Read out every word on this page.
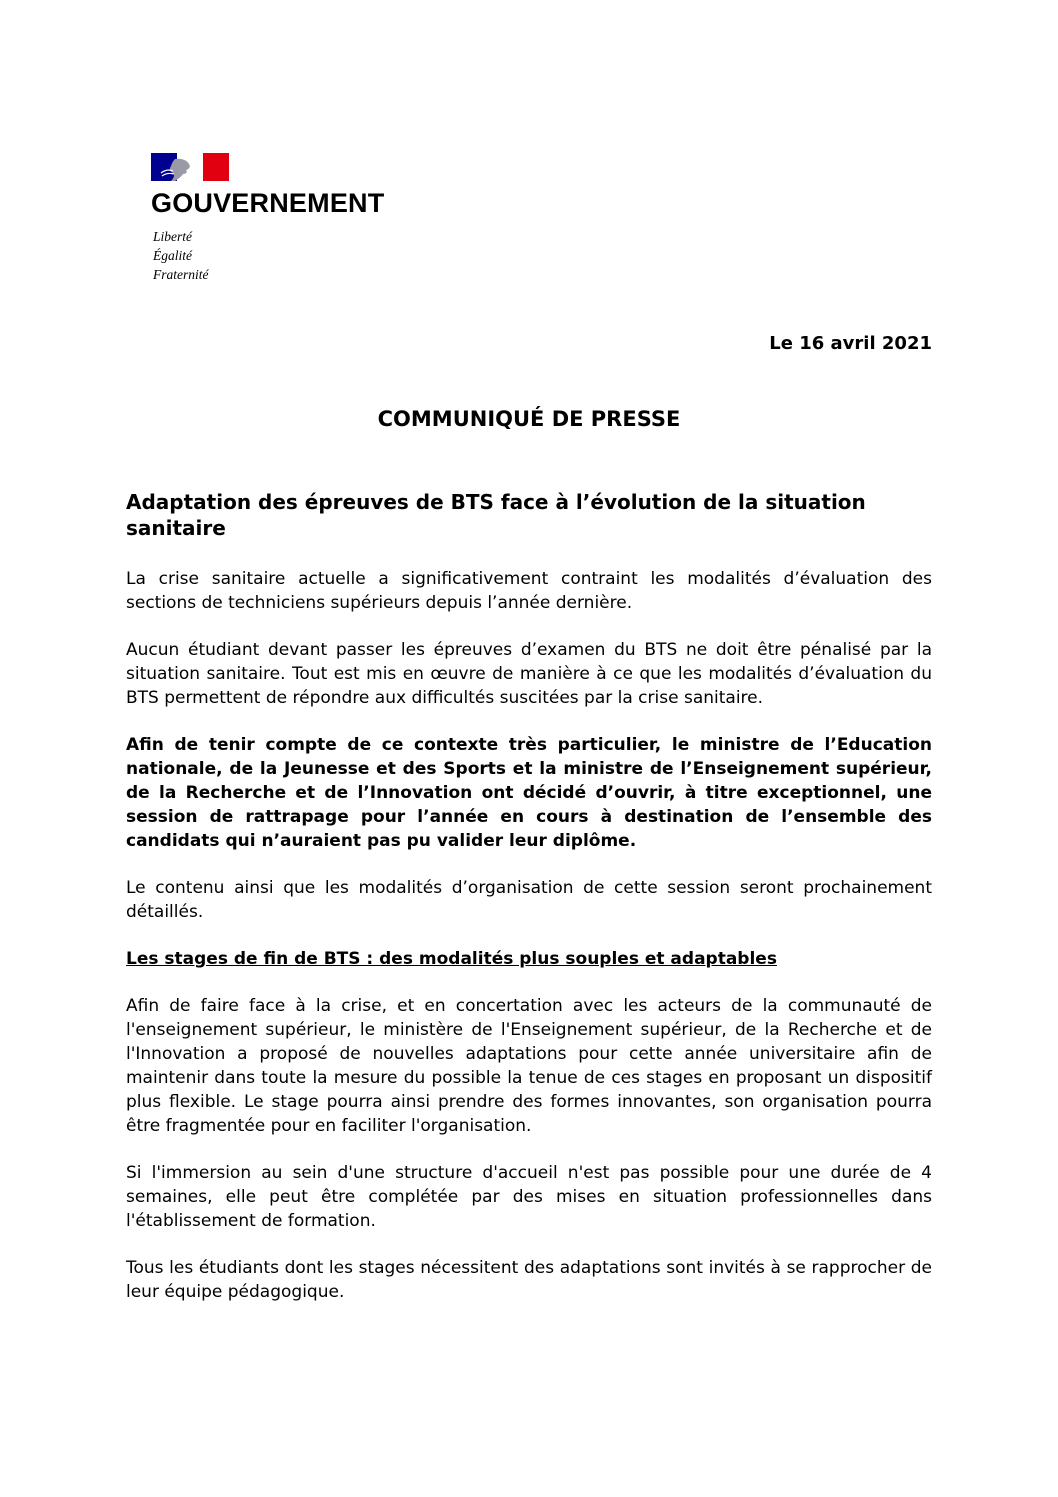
GOUVERNEMENT
Liberté
Égalité
Fraternité
Le 16 avril 2021
COMMUNIQUÉ DE PRESSE
Adaptation des épreuves de BTS face à l’évolution de la situation sanitaire

La crise sanitaire actuelle a significativement contraint les modalités d’évaluation des sections de techniciens supérieurs depuis l’année dernière.

Aucun étudiant devant passer les épreuves d’examen du BTS ne doit être pénalisé par la situation sanitaire. Tout est mis en œuvre de manière à ce que les modalités d’évaluation du BTS permettent de répondre aux difficultés suscitées par la crise sanitaire.

Afin de tenir compte de ce contexte très particulier, le ministre de l’Education nationale, de la Jeunesse et des Sports et la ministre de l’Enseignement supérieur, de la Recherche et de l’Innovation ont décidé d’ouvrir, à titre exceptionnel, une session de rattrapage pour l’année en cours à destination de l’ensemble des candidats qui n’auraient pas pu valider leur diplôme.

Le contenu ainsi que les modalités d’organisation de cette session seront prochainement détaillés.

Les stages de fin de BTS : des modalités plus souples et adaptables

Afin de faire face à la crise, et en concertation avec les acteurs de la communauté de l'enseignement supérieur, le ministère de l'Enseignement supérieur, de la Recherche et de l'Innovation a proposé de nouvelles adaptations pour cette année universitaire afin de maintenir dans toute la mesure du possible la tenue de ces stages en proposant un dispositif plus flexible. Le stage pourra ainsi prendre des formes innovantes, son organisation pourra être fragmentée pour en faciliter l'organisation.

Si l'immersion au sein d'une structure d'accueil n'est pas possible pour une durée de 4 semaines, elle peut être complétée par des mises en situation professionnelles dans l'établissement de formation.

Tous les étudiants dont les stages nécessitent des adaptations sont invités à se rapprocher de leur équipe pédagogique.
